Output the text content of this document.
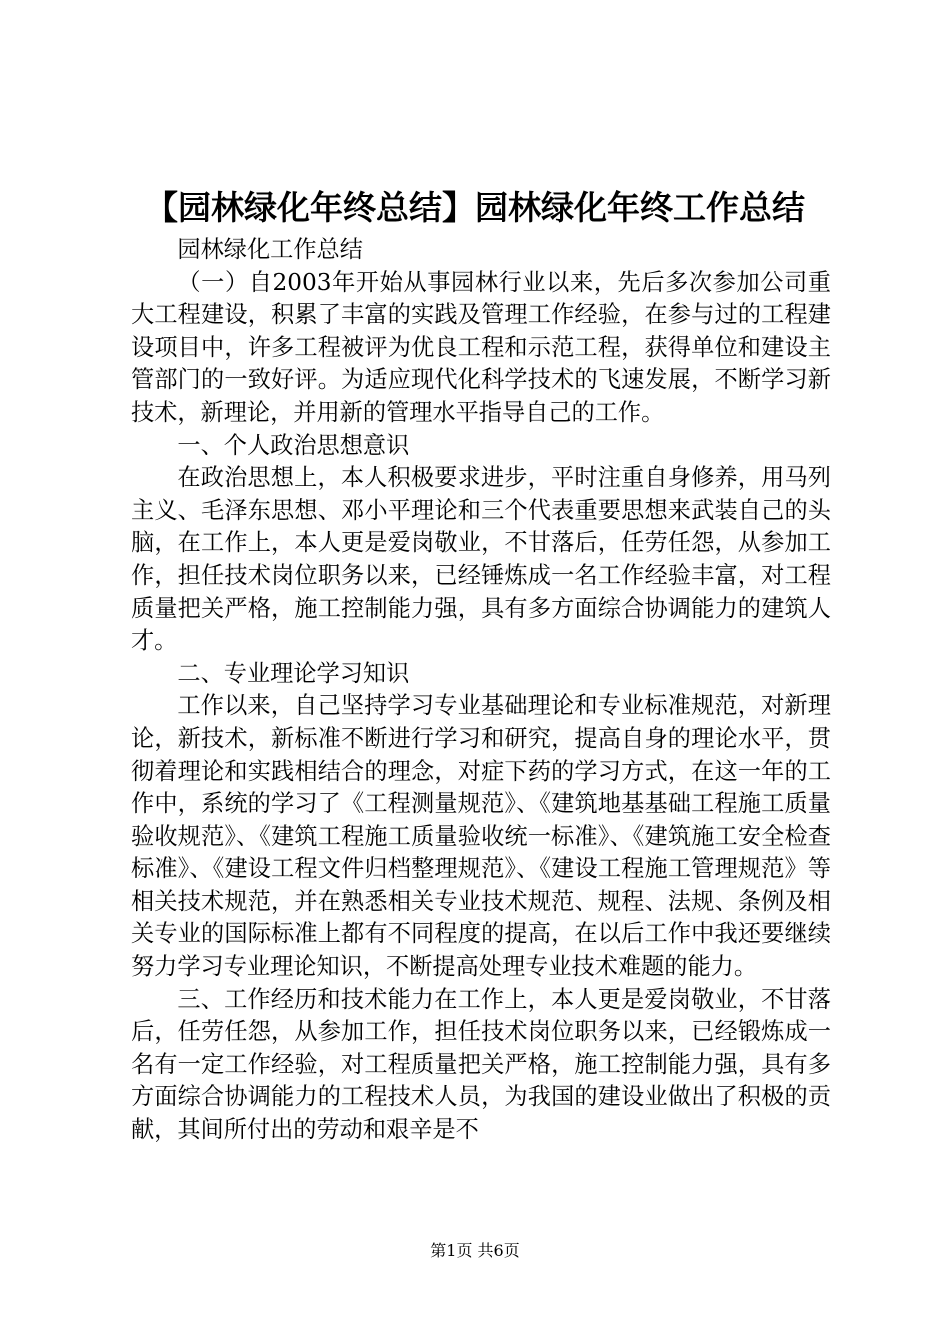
【园林绿化年终总结】园林绿化年终工作总结

园林绿化工作总结

（一）自2003年开始从事园林行业以来，先后多次参加公司重大工程建设，积累了丰富的实践及管理工作经验，在参与过的工程建设项目中，许多工程被评为优良工程和示范工程，获得单位和建设主管部门的一致好评。为适应现代化科学技术的飞速发展，不断学习新技术，新理论，并用新的管理水平指导自己的工作。

一、个人政治思想意识

在政治思想上，本人积极要求进步，平时注重自身修养，用马列主义、毛泽东思想、邓小平理论和三个代表重要思想来武装自己的头脑，在工作上，本人更是爱岗敬业，不甘落后，任劳任怨，从参加工作，担任技术岗位职务以来，已经锤炼成一名工作经验丰富，对工程质量把关严格，施工控制能力强，具有多方面综合协调能力的建筑人才。

二、专业理论学习知识

工作以来，自己坚持学习专业基础理论和专业标准规范，对新理论，新技术，新标准不断进行学习和研究，提高自身的理论水平，贯彻着理论和实践相结合的理念，对症下药的学习方式，在这一年的工作中，系统的学习了《工程测量规范》、《建筑地基基础工程施工质量验收规范》、《建筑工程施工质量验收统一标准》、《建筑施工安全检查标准》、《建设工程文件归档整理规范》、《建设工程施工管理规范》等相关技术规范，并在熟悉相关专业技术规范、规程、法规、条例及相关专业的国际标准上都有不同程度的提高，在以后工作中我还要继续努力学习专业理论知识，不断提高处理专业技术难题的能力。

三、工作经历和技术能力在工作上，本人更是爱岗敬业，不甘落后，任劳任怨，从参加工作，担任技术岗位职务以来，已经锻炼成一名有一定工作经验，对工程质量把关严格，施工控制能力强，具有多方面综合协调能力的工程技术人员，为我国的建设业做出了积极的贡献，其间所付出的劳动和艰辛是不

第1页 共6页
